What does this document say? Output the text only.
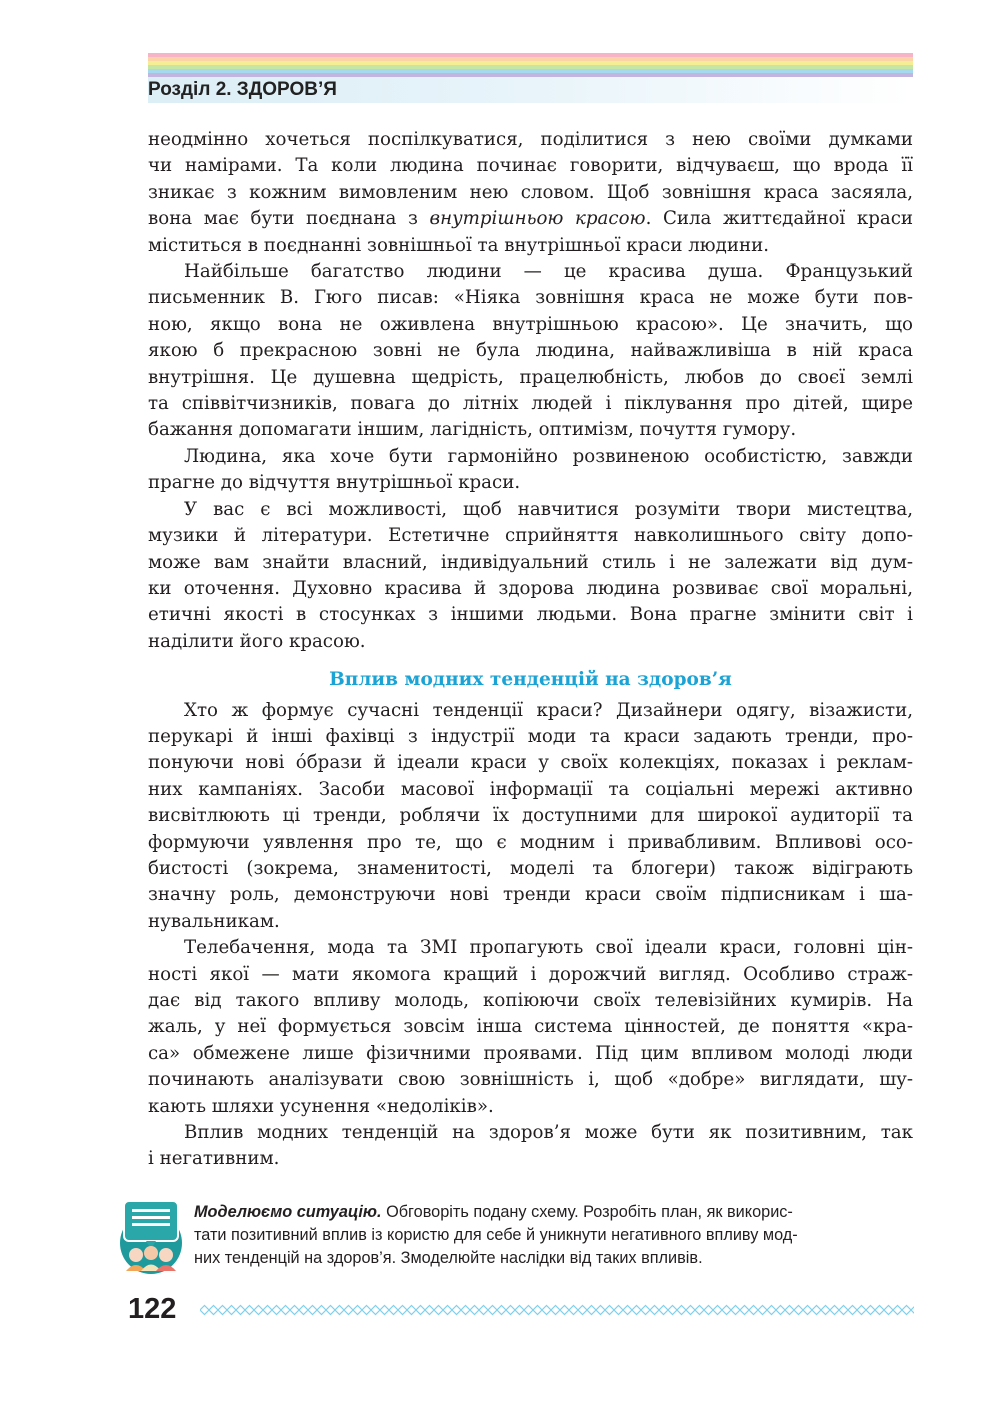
Розділ 2. ЗДОРОВ’Я

неодмінно хочеться поспілкуватися, поділитися з нею своїми думками
чи намірами. Та коли людина починає говорити, відчуваєш, що врода її
зникає з кожним вимовленим нею словом. Щоб зовнішня краса засяяла,
вона має бути поєднана з внутрішньою красою. Сила життєдайної краси
міститься в поєднанні зовнішньої та внутрішньої краси людини.

Найбільше багатство людини — це красива душа. Французький
письменник В. Гюго писав: «Ніяка зовнішня краса не може бути пов-
ною, якщо вона не оживлена внутрішньою красою». Це значить, що
якою б прекрасною зовні не була людина, найважливіша в ній краса
внутрішня. Це душевна щедрість, працелюбність, любов до своєї землі
та співвітчизників, повага до літніх людей і піклування про дітей, щире
бажання допомагати іншим, лагідність, оптимізм, почуття гумору.

Людина, яка хоче бути гармонійно розвиненою особистістю, завжди
прагне до відчуття внутрішньої краси.

У вас є всі можливості, щоб навчитися розуміти твори мистецтва,
музики й літератури. Естетичне сприйняття навколишнього світу допо-
може вам знайти власний, індивідуальний стиль і не залежати від дум-
ки оточення. Духовно красива й здорова людина розвиває свої моральні,
етичні якості в стосунках з іншими людьми. Вона прагне змінити світ і
наділити його красою.

Вплив модних тенденцій на здоров’я

Хто ж формує сучасні тенденції краси? Дизайнери одягу, візажисти,
перукарі й інші фахівці з індустрії моди та краси задають тренди, про-
понуючи нові óбрази й ідеали краси у своїх колекціях, показах і реклам-
них кампаніях. Засоби масової інформації та соціальні мережі активно
висвітлюють ці тренди, роблячи їх доступними для широкої аудиторії та
формуючи уявлення про те, що є модним і привабливим. Впливові осо-
бистості (зокрема, знаменитості, моделі та блогери) також відіграють
значну роль, демонструючи нові тренди краси своїм підписникам і ша-
нувальникам.

Телебачення, мода та ЗМІ пропагують свої ідеали краси, головні цін-
ності якої — мати якомога кращий і дорожчий вигляд. Особливо страж-
дає від такого впливу молодь, копіюючи своїх телевізійних кумирів. На
жаль, у неї формується зовсім інша система цінностей, де поняття «кра-
са» обмежене лише фізичними проявами. Під цим впливом молоді люди
починають аналізувати свою зовнішність і, щоб «добре» виглядати, шу-
кають шляхи усунення «недоліків».

Вплив модних тенденцій на здоров’я може бути як позитивним, так
і негативним.

Моделюємо ситуацію. Обговоріть подану схему. Розробіть план, як викорис-
тати позитивний вплив із користю для себе й уникнути негативного впливу мод-
них тенденцій на здоров’я. Змоделюйте наслідки від таких впливів.
122
